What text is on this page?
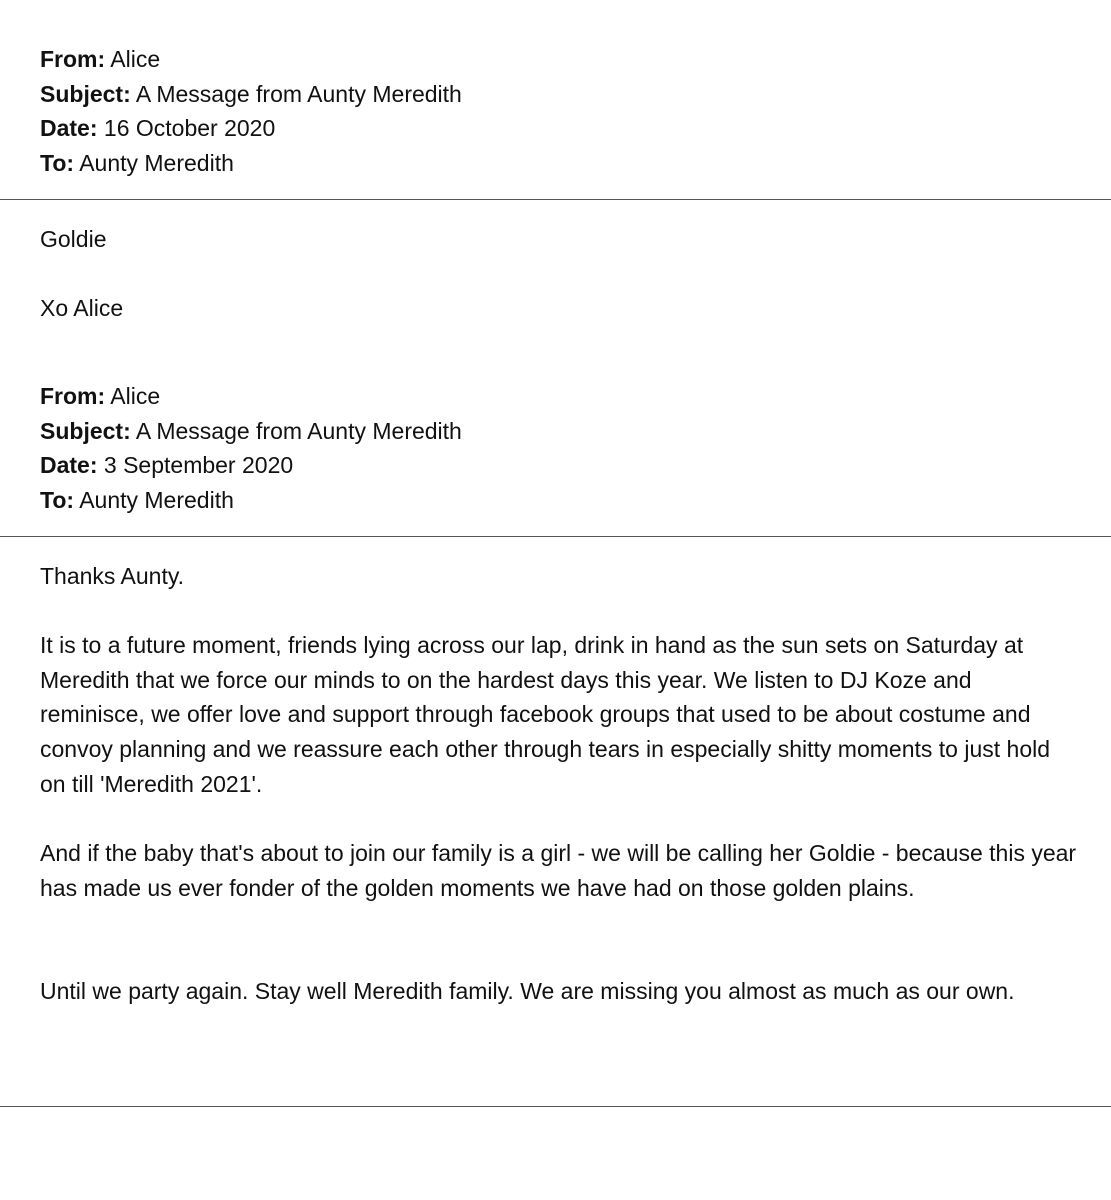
From: Alice
Subject: A Message from Aunty Meredith
Date: 16 October 2020
To: Aunty Meredith

Goldie

Xo Alice

From: Alice
Subject: A Message from Aunty Meredith
Date: 3 September 2020
To: Aunty Meredith

Thanks Aunty.

It is to a future moment, friends lying across our lap, drink in hand as the sun sets on Saturday at Meredith that we force our minds to on the hardest days this year. We listen to DJ Koze and reminisce, we offer love and support through facebook groups that used to be about costume and convoy planning and we reassure each other through tears in especially shitty moments to just hold on till 'Meredith 2021'.

And if the baby that's about to join our family is a girl - we will be calling her Goldie - because this year has made us ever fonder of the golden moments we have had on those golden plains.

Until we party again. Stay well Meredith family. We are missing you almost as much as our own.
